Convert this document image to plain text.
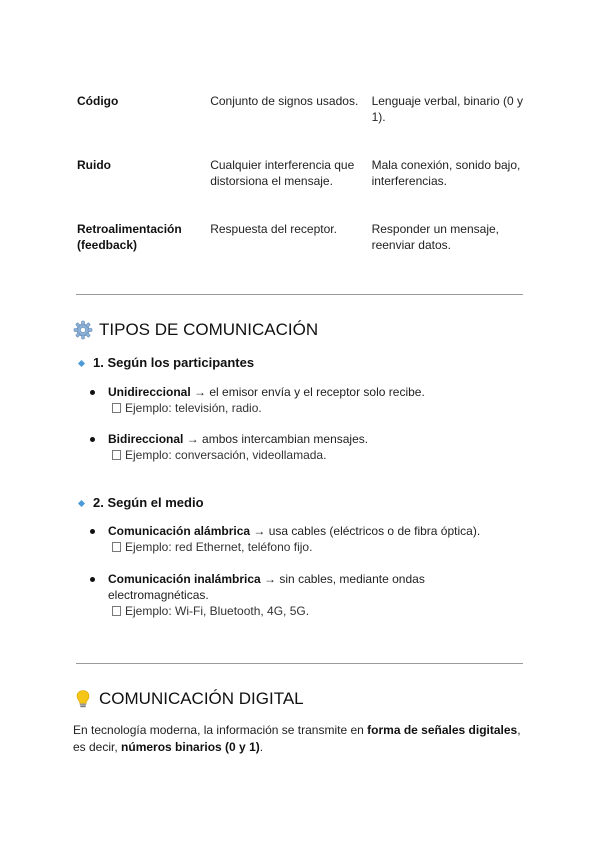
Código	Conjunto de signos usados.	Lenguaje verbal, binario (0 y 1).
Ruido	Cualquier interferencia que distorsiona el mensaje.	Mala conexión, sonido bajo, interferencias.
Retroalimentación (feedback)	Respuesta del receptor.	Responder un mensaje, reenviar datos.
TIPOS DE COMUNICACIÓN
1. Según los participantes
Unidireccional → el emisor envía y el receptor solo recibe.
Ejemplo: televisión, radio.
Bidireccional → ambos intercambian mensajes.
Ejemplo: conversación, videollamada.
2. Según el medio
Comunicación alámbrica → usa cables (eléctricos o de fibra óptica).
Ejemplo: red Ethernet, teléfono fijo.
Comunicación inalámbrica → sin cables, mediante ondas electromagnéticas.
Ejemplo: Wi-Fi, Bluetooth, 4G, 5G.
COMUNICACIÓN DIGITAL
En tecnología moderna, la información se transmite en forma de señales digitales, es decir, números binarios (0 y 1).
